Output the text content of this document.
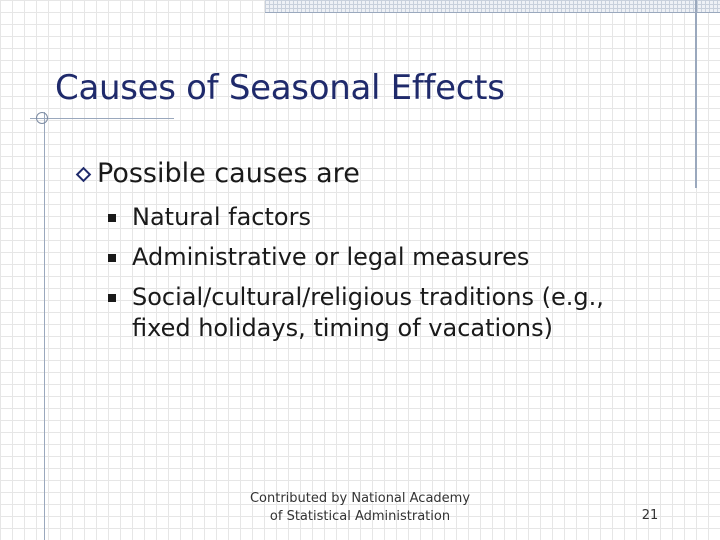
Causes of Seasonal Effects
Possible causes are
Natural factors
Administrative or legal measures
Social/cultural/religious traditions (e.g., fixed holidays, timing of vacations)
Contributed by National Academy
of Statistical Administration	21
